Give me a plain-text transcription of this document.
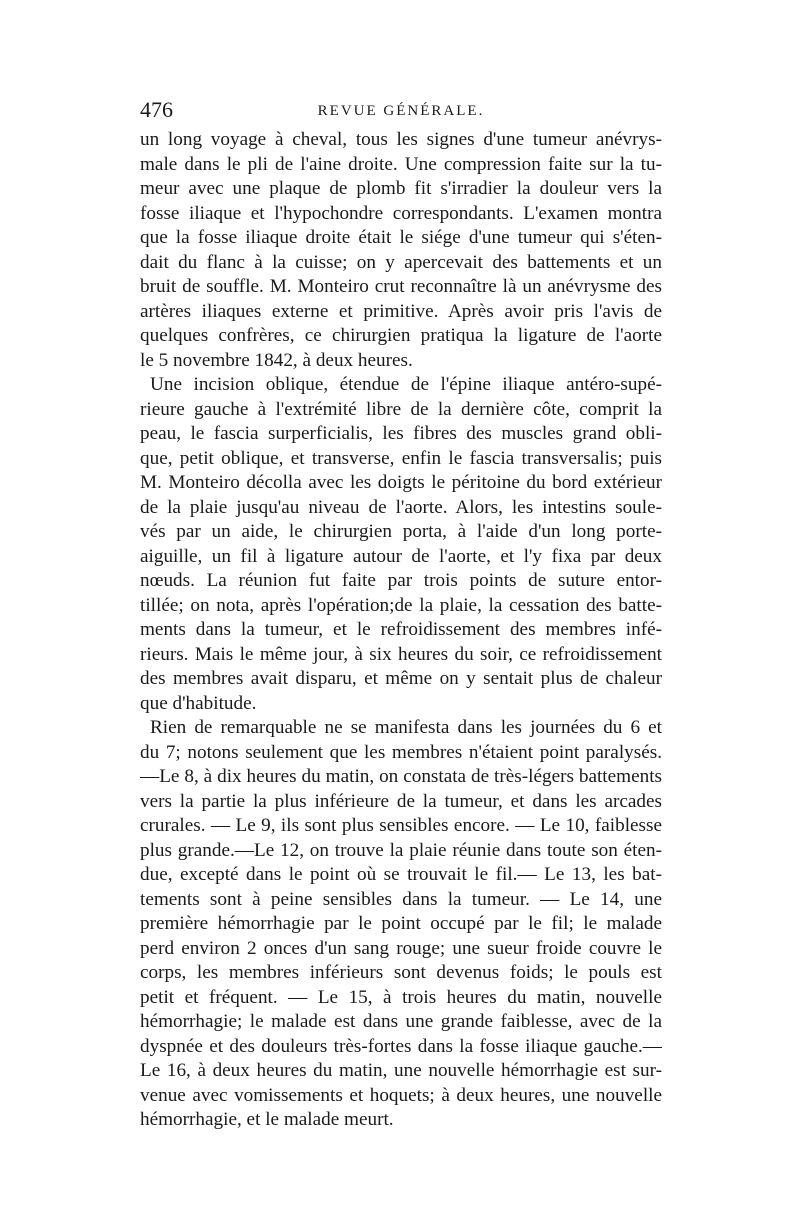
476	REVUE GÉNÉRALE.
un long voyage à cheval, tous les signes d'une tumeur anévrys-
male dans le pli de l'aine droite. Une compression faite sur la tu-
meur avec une plaque de plomb fit s'irradier la douleur vers la
fosse iliaque et l'hypochondre correspondants. L'examen montra
que la fosse iliaque droite était le siége d'une tumeur qui s'éten-
dait du flanc à la cuisse; on y apercevait des battements et un
bruit de souffle. M. Monteiro crut reconnaître là un anévrysme des
artères iliaques externe et primitive. Après avoir pris l'avis de
quelques confrères, ce chirurgien pratiqua la ligature de l'aorte
le 5 novembre 1842, à deux heures.
Une incision oblique, étendue de l'épine iliaque antéro-supé-
rieure gauche à l'extrémité libre de la dernière côte, comprit la
peau, le fascia surperficialis, les fibres des muscles grand obli-
que, petit oblique, et transverse, enfin le fascia transversalis; puis
M. Monteiro décolla avec les doigts le péritoine du bord extérieur
de la plaie jusqu'au niveau de l'aorte. Alors, les intestins soule-
vés par un aide, le chirurgien porta, à l'aide d'un long porte-
aiguille, un fil à ligature autour de l'aorte, et l'y fixa par deux
nœuds. La réunion fut faite par trois points de suture entor-
tillée; on nota, après l'opération;de la plaie, la cessation des batte-
ments dans la tumeur, et le refroidissement des membres infé-
rieurs. Mais le même jour, à six heures du soir, ce refroidissement
des membres avait disparu, et même on y sentait plus de chaleur
que d'habitude.
Rien de remarquable ne se manifesta dans les journées du 6 et
du 7; notons seulement que les membres n'étaient point paralysés.
—Le 8, à dix heures du matin, on constata de très-légers battements
vers la partie la plus inférieure de la tumeur, et dans les arcades
crurales. — Le 9, ils sont plus sensibles encore. — Le 10, faiblesse
plus grande.—Le 12, on trouve la plaie réunie dans toute son éten-
due, excepté dans le point où se trouvait le fil.— Le 13, les bat-
tements sont à peine sensibles dans la tumeur. — Le 14, une
première hémorrhagie par le point occupé par le fil; le malade
perd environ 2 onces d'un sang rouge; une sueur froide couvre le
corps, les membres inférieurs sont devenus foids; le pouls est
petit et fréquent. — Le 15, à trois heures du matin, nouvelle
hémorrhagie; le malade est dans une grande faiblesse, avec de la
dyspnée et des douleurs très-fortes dans la fosse iliaque gauche.—
Le 16, à deux heures du matin, une nouvelle hémorrhagie est sur-
venue avec vomissements et hoquets; à deux heures, une nouvelle
hémorrhagie, et le malade meurt.
